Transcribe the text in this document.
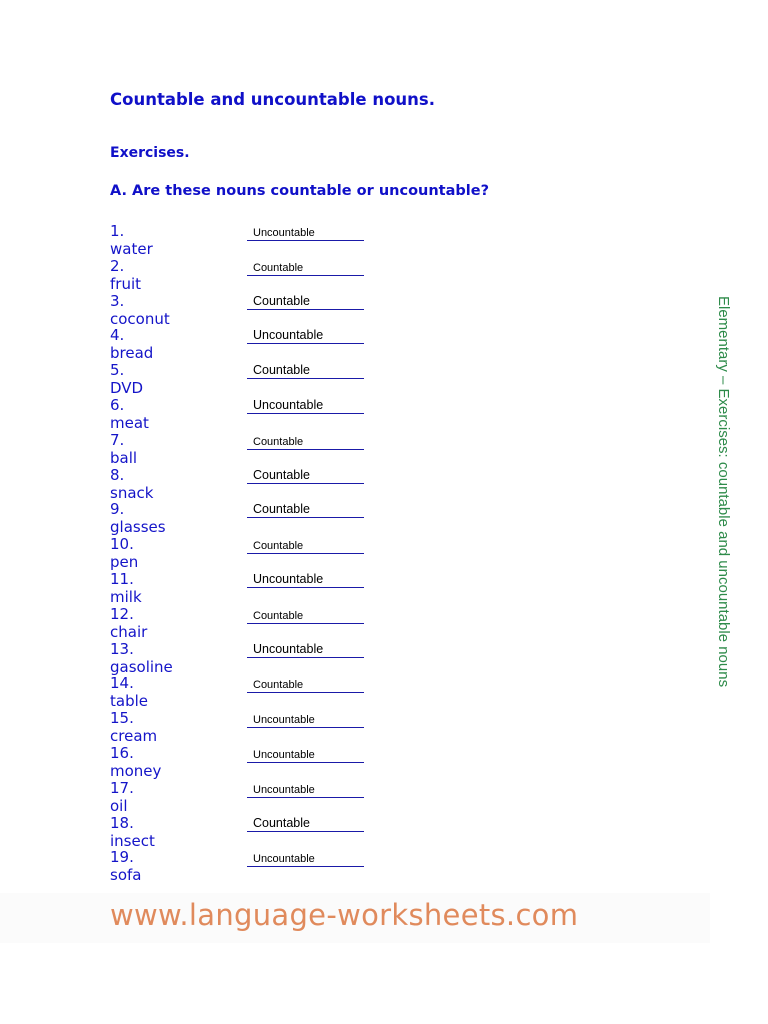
Countable and uncountable nouns.
Exercises.
A. Are these nouns countable or uncountable?
1. water
Uncountable
2. fruit
Countable
3. coconut
Countable
4. bread
Uncountable
5. DVD
Countable
6. meat
Uncountable
7. ball
Countable
8. snack
Countable
9. glasses
Countable
10. pen
Countable
11. milk
Uncountable
12. chair
Countable
13. gasoline
Uncountable
14. table
Countable
15. cream
Uncountable
16. money
Uncountable
17. oil
Uncountable
18. insect
Countable
19. sofa
Uncountable
Elementary – Exercises: countable and uncountable nouns
www.language-worksheets.com
